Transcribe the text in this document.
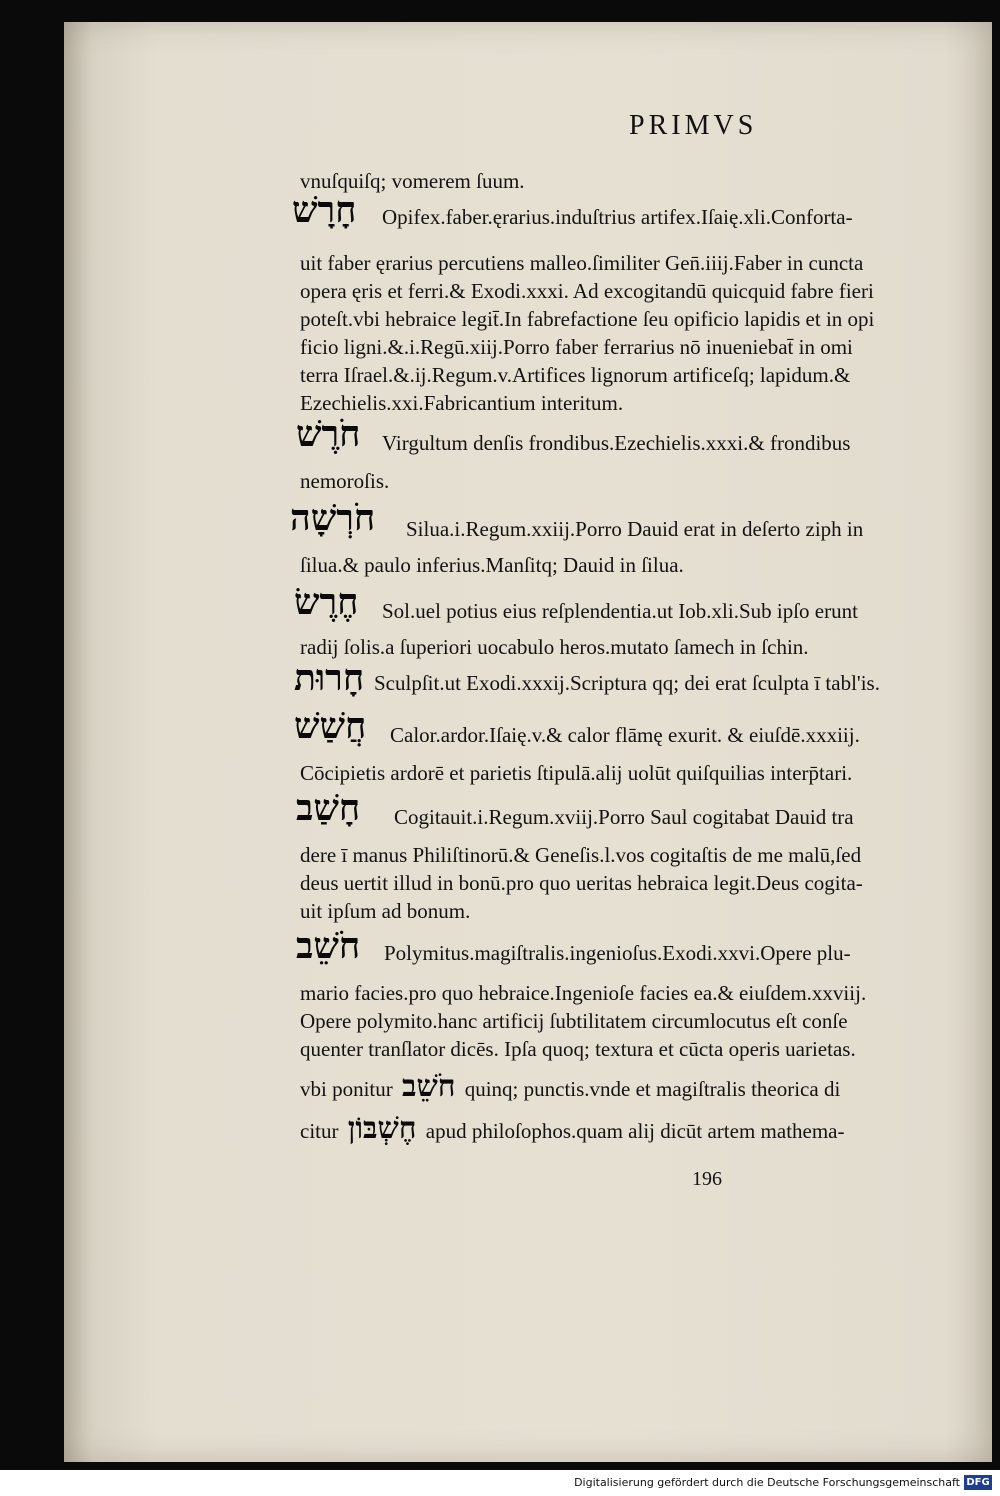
PRIMVS
vnuſquiſq; vomerem ſuum.
חָרָשׁ Opifex.faber.ęrarius.induſtrius artifex.Iſaię.xli.Conforta-
uit faber ęrarius percutiens malleo.ſimiliter Gen̄.iiij.Faber in cuncta
opera ęris et ferri.& Exodi.xxxi. Ad excogitandū quicquid fabre fieri
poteſt.vbi hebraice legit̄.In fabrefactione ſeu opificio lapidis et in opi
ficio ligni.&.i.Regū.xiij.Porro faber ferrarius nō inueniebat̄ in omi
terra Iſrael.&.ij.Regum.v.Artifices lignorum artificeſq; lapidum.&
Ezechielis.xxi.Fabricantium interitum.
חֹרֶשׁ Virgultum denſis frondibus.Ezechielis.xxxi.& frondibus
nemoroſis.
חֹרְשָׁה Silua.i.Regum.xxiij.Porro Dauid erat in deſerto ziph in
ſilua.& paulo inferius.Manſitq; Dauid in ſilua.
חֶרֶשׂ Sol.uel potius eius reſplendentia.ut Iob.xli.Sub ipſo erunt
radij ſolis.a ſuperiori uocabulo heros.mutato ſamech in ſchin.
חָרוּת Sculpſit.ut Exodi.xxxij.Scriptura qq; dei erat ſculpta ī tabl'is.
חֲשַׁשׁ Calor.ardor.Iſaię.v.& calor flāmę exurit. & eiuſdē.xxxiij.
Cōcipietis ardorē et parietis ſtipulā.alij uolūt quiſquilias interp̄tari.
חָשַׁב Cogitauit.i.Regum.xviij.Porro Saul cogitabat Dauid tra
dere ī manus Philiſtinorū.& Geneſis.l.vos cogitaſtis de me malū,ſed
deus uertit illud in bonū.pro quo ueritas hebraica legit.Deus cogita-
uit ipſum ad bonum.
חֹשֵׁב Polymitus.magiſtralis.ingenioſus.Exodi.xxvi.Opere plu-
mario facies.pro quo hebraice.Ingenioſe facies ea.& eiuſdem.xxviij.
Opere polymito.hanc artificij ſubtilitatem circumlocutus eſt conſe
quenter tranſlator dicēs. Ipſa quoq; textura et cūcta operis uarietas.
vbi ponitur חֹשֵׁב quinq; punctis.vnde et magiſtralis theorica di
citur חֶשְׁבּוֹן apud philoſophos.quam alij dicūt artem mathema-
196
Digitalisierung gefördert durch die Deutsche Forschungsgemeinschaft DFG
